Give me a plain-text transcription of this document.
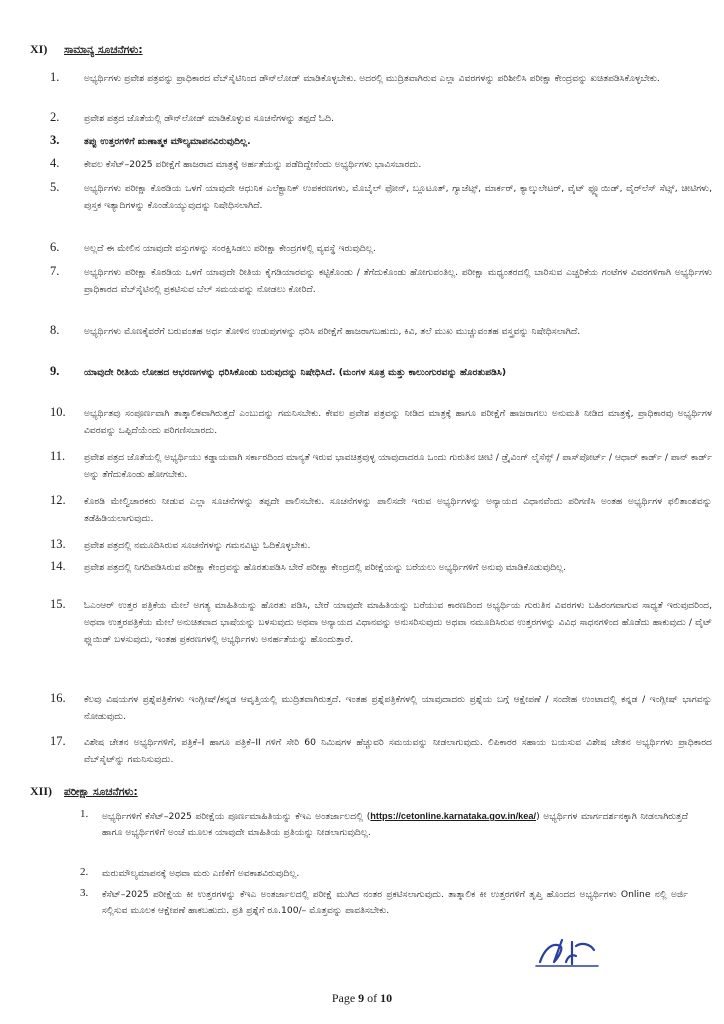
XI) ಸಾಮಾನ್ಯ ಸೂಚನೆಗಳು:
1.	ಅಭ್ಯರ್ಥಿಗಳು ಪ್ರವೇಶ ಪತ್ರವನ್ನು ಪ್ರಾಧಿಕಾರದ ವೆಬ್‌ಸೈಟಿನಿಂದ ಡೌನ್‌ಲೋಡ್ ಮಾಡಿಕೊಳ್ಳಬೇಕು. ಅದರಲ್ಲಿ ಮುದ್ರಿತವಾಗಿರುವ ಎಲ್ಲಾ ವಿವರಗಳನ್ನು ಪರಿಶೀಲಿಸಿ ಪರೀಕ್ಷಾ ಕೇಂದ್ರವನ್ನು ಖಚಿತಪಡಿಸಿಕೊಳ್ಳಬೇಕು.
2.	ಪ್ರವೇಶ ಪತ್ರದ ಜೊತೆಯಲ್ಲಿ ಡೌನ್‌ಲೋಡ್ ಮಾಡಿಕೊಳ್ಳುವ ಸೂಚನೆಗಳನ್ನು ತಪ್ಪದೆ ಓದಿ.
3.	ತಪ್ಪು ಉತ್ತರಗಳಿಗೆ ಋಣಾತ್ಮಕ ಮೌಲ್ಯಮಾಪನವಿರುವುದಿಲ್ಲ.
4.	ಕೇವಲ ಕೆಸೆಟ್–2025 ಪರೀಕ್ಷೆಗೆ ಹಾಜರಾದ ಮಾತ್ರಕ್ಕೆ ಅರ್ಹತೆಯನ್ನು ಪಡೆದಿದ್ದೇನೆಂದು ಅಭ್ಯರ್ಥಿಗಳು ಭಾವಿಸಬಾರದು.
5.	ಅಭ್ಯರ್ಥಿಗಳು ಪರೀಕ್ಷಾ ಕೊಠಡಿಯ ಒಳಗೆ ಯಾವುದೇ ಆಧುನಿಕ ಎಲೆಕ್ಟ್ರಾನಿಕ್ ಉಪಕರಣಗಳು, ಮೊಬೈಲ್ ಫೋನ್, ಬ್ಲೂಟೂತ್, ಗ್ಯಾಜೆಟ್ಸ್, ಮಾರ್ಕರ್, ಕ್ಯಾಲ್ಕುಲೇಟರ್, ವೈಟ್ ಫ್ಲ್ಯೂಯಿಡ್, ವೈರ್‌ಲೆಸ್ ಸೆಟ್ಸ್, ಚೀಟಿಗಳು, ಪುಸ್ತಕ ಇತ್ಯಾದಿಗಳನ್ನು ಕೊಂಡೊಯ್ಯುವುದನ್ನು ನಿಷೇಧಿಸಲಾಗಿದೆ.
6.	ಅಲ್ಲದೆ ಈ ಮೇಲಿನ ಯಾವುದೇ ವಸ್ತುಗಳನ್ನು ಸಂರಕ್ಷಿಸಿಡಲು ಪರೀಕ್ಷಾ ಕೇಂದ್ರಗಳಲ್ಲಿ ವ್ಯವಸ್ಥೆ ಇರುವುದಿಲ್ಲ.
7.	ಅಭ್ಯರ್ಥಿಗಳು ಪರೀಕ್ಷಾ ಕೊಠಡಿಯ ಒಳಗೆ ಯಾವುದೇ ರೀತಿಯ ಕೈಗಡಿಯಾರವನ್ನು ಕಟ್ಟಿಕೊಂಡು / ತೆಗೆದುಕೊಂಡು ಹೋಗುವಂತಿಲ್ಲ. ಪರೀಕ್ಷಾ ಮಧ್ಯಂತರದಲ್ಲಿ ಬಾರಿಸುವ ಎಚ್ಚರಿಕೆಯ ಗಂಟೆಗಳ ವಿವರಗಳಿಗಾಗಿ ಅಭ್ಯರ್ಥಿಗಳು ಪ್ರಾಧಿಕಾರದ ವೆಬ್‌ಸೈಟಿನಲ್ಲಿ ಪ್ರಕಟಿಸುವ ಬೆಲ್ ಸಮಯವನ್ನು ನೋಡಲು ಕೋರಿದೆ.
8.	ಅಭ್ಯರ್ಥಿಗಳು ಮೊಣಕೈವರೆಗೆ ಬರುವಂತಹ ಅರ್ಧ ತೋಳಿನ ಉಡುಪುಗಳನ್ನು ಧರಿಸಿ ಪರೀಕ್ಷೆಗೆ ಹಾಜರಾಗಬಹುದು, ಕಿವಿ, ತಲೆ ಮುಖ ಮುಚ್ಚುವಂತಹ ವಸ್ತ್ರವನ್ನು ನಿಷೇಧಿಸಲಾಗಿದೆ.
9.	ಯಾವುದೇ ರೀತಿಯ ಲೋಹದ ಆಭರಣಗಳನ್ನು ಧರಿಸಿಕೊಂಡು ಬರುವುದನ್ನು ನಿಷೇಧಿಸಿದೆ. (ಮಂಗಳ ಸೂತ್ರ ಮತ್ತು ಕಾಲುಂಗುರವನ್ನು ಹೊರತುಪಡಿಸಿ)
10.	ಅಭ್ಯರ್ಥಿತವು ಸಂಪೂರ್ಣವಾಗಿ ತಾತ್ಕಾಲಿಕವಾಗಿರುತ್ತದೆ ಎಂಬುದನ್ನು ಗಮನಿಸಬೇಕು. ಕೇವಲ ಪ್ರವೇಶ ಪತ್ರವನ್ನು ನೀಡಿದ ಮಾತ್ರಕ್ಕೆ ಹಾಗೂ ಪರೀಕ್ಷೆಗೆ ಹಾಜರಾಗಲು ಅನುಮತಿ ನೀಡಿದ ಮಾತ್ರಕ್ಕೆ, ಪ್ರಾಧಿಕಾರವು ಅಭ್ಯರ್ಥಿಗಳ ವಿವರವನ್ನು ಒಪ್ಪಿದೆಯೆಂದು ಪರಿಗಣಿಸಬಾರದು.
11.	ಪ್ರವೇಶ ಪತ್ರದ ಜೊತೆಯಲ್ಲಿ ಅಭ್ಯರ್ಥಿಯು ಕಡ್ಡಾಯವಾಗಿ ಸರ್ಕಾರದಿಂದ ಮಾನ್ಯತೆ ಇರುವ ಭಾವಚಿತ್ರವುಳ್ಳ ಯಾವುದಾದರೂ ಒಂದು ಗುರುತಿನ ಚೀಟಿ / ಡ್ರೈವಿಂಗ್ ಲೈಸೆನ್ಸ್ / ಪಾಸ್‌ಪೋರ್ಟ್ / ಆಧಾರ್ ಕಾರ್ಡ್ / ಪಾನ್ ಕಾರ್ಡ್ ಅನ್ನು ತೆಗೆದುಕೊಂಡು ಹೋಗಬೇಕು.
12.	ಕೊಠಡಿ ಮೇಲ್ವಿಚಾರಕರು ನೀಡುವ ಎಲ್ಲಾ ಸೂಚನೆಗಳನ್ನು ತಪ್ಪದೇ ಪಾಲಿಸಬೇಕು. ಸೂಚನೆಗಳನ್ನು ಪಾಲಿಸದೇ ಇರುವ ಅಭ್ಯರ್ಥಿಗಳನ್ನು ಅನ್ಯಾಯದ ವಿಧಾನವೆಂದು ಪರಿಗಣಿಸಿ ಅಂತಹ ಅಭ್ಯರ್ಥಿಗಳ ಫಲಿತಾಂಶವನ್ನು ತಡೆಹಿಡಿಯಲಾಗುವುದು.
13.	ಪ್ರವೇಶ ಪತ್ರದಲ್ಲಿ ನಮೂದಿಸಿರುವ ಸೂಚನೆಗಳನ್ನು ಗಮನವಿಟ್ಟು ಓದಿಕೊಳ್ಳಬೇಕು.
14.	ಪ್ರವೇಶ ಪತ್ರದಲ್ಲಿ ನಿಗದಿಪಡಿಸಿರುವ ಪರೀಕ್ಷಾ ಕೇಂದ್ರವನ್ನು ಹೊರತುಪಡಿಸಿ ಬೇರೆ ಪರೀಕ್ಷಾ ಕೇಂದ್ರದಲ್ಲಿ ಪರೀಕ್ಷೆಯನ್ನು ಬರೆಯಲು ಅಭ್ಯರ್ಥಿಗಳಿಗೆ ಅನುವು ಮಾಡಿಕೊಡುವುದಿಲ್ಲ.
15.	ಓಎಂಆರ್ ಉತ್ತರ ಪತ್ರಿಕೆಯ ಮೇಲೆ ಅಗತ್ಯ ಮಾಹಿತಿಯನ್ನು ಹೊರತು ಪಡಿಸಿ, ಬೇರೆ ಯಾವುದೇ ಮಾಹಿತಿಯನ್ನು ಬರೆಯುವ ಕಾರಣದಿಂದ ಅಭ್ಯರ್ಥಿಯ ಗುರುತಿನ ವಿವರಗಳು ಬಹಿರಂಗವಾಗುವ ಸಾಧ್ಯತೆ ಇರುವುದರಿಂದ, ಅಥವಾ ಉತ್ತರಪತ್ರಿಕೆಯ ಮೇಲೆ ಅನುಚಿತವಾದ ಭಾಷೆಯನ್ನು ಬಳಸುವುದು ಅಥವಾ ಅನ್ಯಾಯದ ವಿಧಾನವನ್ನು ಅನುಸರಿಸುವುದು ಅಥವಾ ನಮೂದಿಸಿರುವ ಉತ್ತರಗಳನ್ನು ವಿವಿಧ ಸಾಧನಗಳಿಂದ ಹೊಡೆದು ಹಾಕುವುದು / ವೈಟ್ ಫ್ಲುಯಿಡ್ ಬಳಸುವುದು, ಇಂತಹ ಪ್ರಕರಣಗಳಲ್ಲಿ ಅಭ್ಯರ್ಥಿಗಳು ಅನರ್ಹತೆಯನ್ನು ಹೊಂದುತ್ತಾರೆ.
16.	ಕೆಲವು ವಿಷಯಗಳ ಪ್ರಶ್ನೆಪತ್ರಿಕೆಗಳು ಇಂಗ್ಲೀಷ್/ಕನ್ನಡ ಆವೃತ್ತಿಯಲ್ಲಿ ಮುದ್ರಿತವಾಗಿರುತ್ತದೆ. ಇಂತಹ ಪ್ರಶ್ನೆಪತ್ರಿಕೆಗಳಲ್ಲಿ ಯಾವುದಾದರು ಪ್ರಶ್ನೆಯ ಬಗ್ಗೆ ಆಕ್ಷೇಪಣೆ / ಸಂದೇಹ ಉಂಟಾದಲ್ಲಿ ಕನ್ನಡ / ಇಂಗ್ಲೀಷ್ ಭಾಗವನ್ನು ನೋಡುವುದು.
17.	ವಿಶೇಷ ಚೇತನ ಅಭ್ಯರ್ಥಿಗಳಿಗೆ, ಪತ್ರಿಕೆ–I ಹಾಗೂ ಪತ್ರಿಕೆ–II ಗಳಿಗೆ ಸೇರಿ 60 ನಿಮಿಷಗಳ ಹೆಚ್ಚುವರಿ ಸಮಯವನ್ನು ನೀಡಲಾಗುವುದು. ಲಿಪಿಕಾರರ ಸಹಾಯ ಬಯಸುವ ವಿಶೇಷ ಚೇತನ ಅಭ್ಯರ್ಥಿಗಳು ಪ್ರಾಧಿಕಾರದ ವೆಬ್‌ಸೈಟ್‌ನ್ನು ಗಮನಿಸುವುದು.
XII) ಪರೀಕ್ಷಾ ಸೂಚನೆಗಳು:
1.	ಅಭ್ಯರ್ಥಿಗಳಿಗೆ ಕೆಸೆಟ್–2025 ಪರೀಕ್ಷೆಯ ಪೂರ್ಣಮಾಹಿತಿಯನ್ನು ಕೆಇಎ ಅಂತರ್ಜಾಲದಲ್ಲಿ (https://cetonline.karnataka.gov.in/kea/) ಅಭ್ಯರ್ಥಿಗಳ ಮಾರ್ಗದರ್ಶನಕ್ಕಾಗಿ ನೀಡಲಾಗಿರುತ್ತದೆ ಹಾಗೂ ಅಭ್ಯರ್ಥಿಗಳಿಗೆ ಅಂಚೆ ಮೂಲಕ ಯಾವುದೇ ಮಾಹಿತಿಯ ಪ್ರತಿಯನ್ನು ನೀಡಲಾಗುವುದಿಲ್ಲ.
2.	ಮರುಮೌಲ್ಯಮಾಪನಕ್ಕೆ ಅಥವಾ ಮರು ಎಣಿಕೆಗೆ ಅವಕಾಶವಿರುವುದಿಲ್ಲ.
3.	ಕೆಸೆಟ್–2025 ಪರೀಕ್ಷೆಯ ಕೀ ಉತ್ತರಗಳನ್ನು ಕೆಇಎ ಅಂತರ್ಜಾಲದಲ್ಲಿ ಪರೀಕ್ಷೆ ಮುಗಿದ ನಂತರ ಪ್ರಕಟಿಸಲಾಗುವುದು. ತಾತ್ಕಾಲಿಕ ಕೀ ಉತ್ತರಗಳಿಗೆ ತೃಪ್ತಿ ಹೊಂದದ ಅಭ್ಯರ್ಥಿಗಳು Online ನಲ್ಲಿ ಅರ್ಜಿ ಸಲ್ಲಿಸುವ ಮೂಲಕ ಆಕ್ಷೇಪಣೆ ಹಾಕಬಹುದು. ಪ್ರತಿ ಪ್ರಶ್ನೆಗೆ ರೂ.100/– ಮೊತ್ತವನ್ನು ಪಾವತಿಸಬೇಕು.
Page 9 of 10
